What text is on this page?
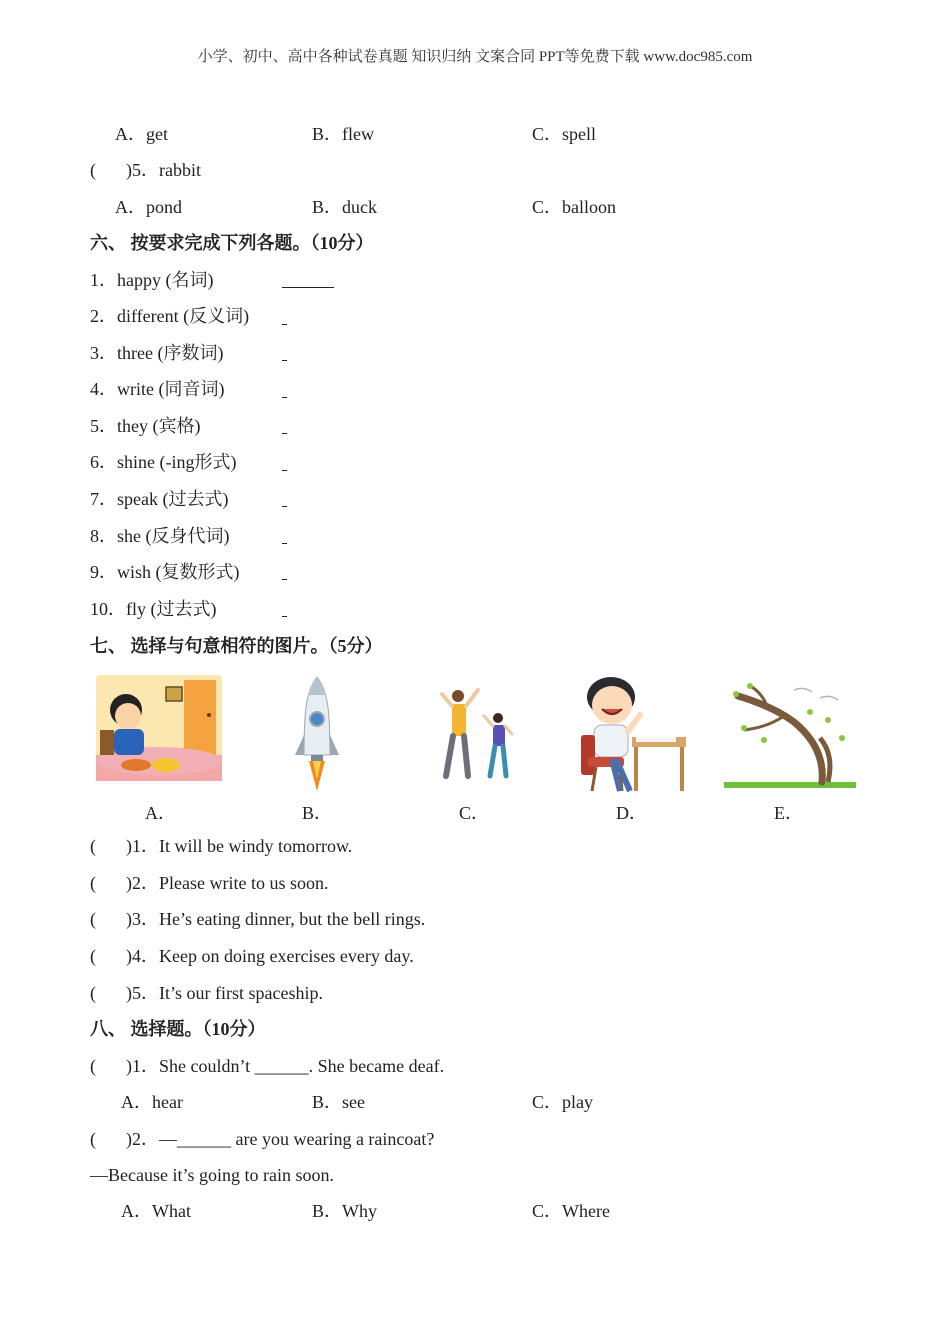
小学、初中、高中各种试卷真题 知识归纳 文案合同 PPT等免费下载 www.doc985.com
A．get	B．flew	C．spell
( )5．rabbit
A．pond	B．duck	C．balloon
六、 按要求完成下列各题。（10分）
1．happy (名词)
2．different (反义词)
3．three (序数词)
4．write (同音词)
5．they (宾格)
6．shine (-ing形式)
7．speak (过去式)
8．she (反身代词)
9．wish (复数形式)
10．fly (过去式)
七、 选择与句意相符的图片。（5分）
A．	B．	C．	D．	E．
( )1．It will be windy tomorrow.
( )2．Please write to us soon.
( )3．He’s eating dinner, but the bell rings.
( )4．Keep on doing exercises every day.
( )5．It’s our first spaceship.
八、 选择题。（10分）
( )1．She couldn’t ______. She became deaf.
A．hear	B．see	C．play
( )2．—______ are you wearing a raincoat?
—Because it’s going to rain soon.
A．What	B．Why	C．Where
